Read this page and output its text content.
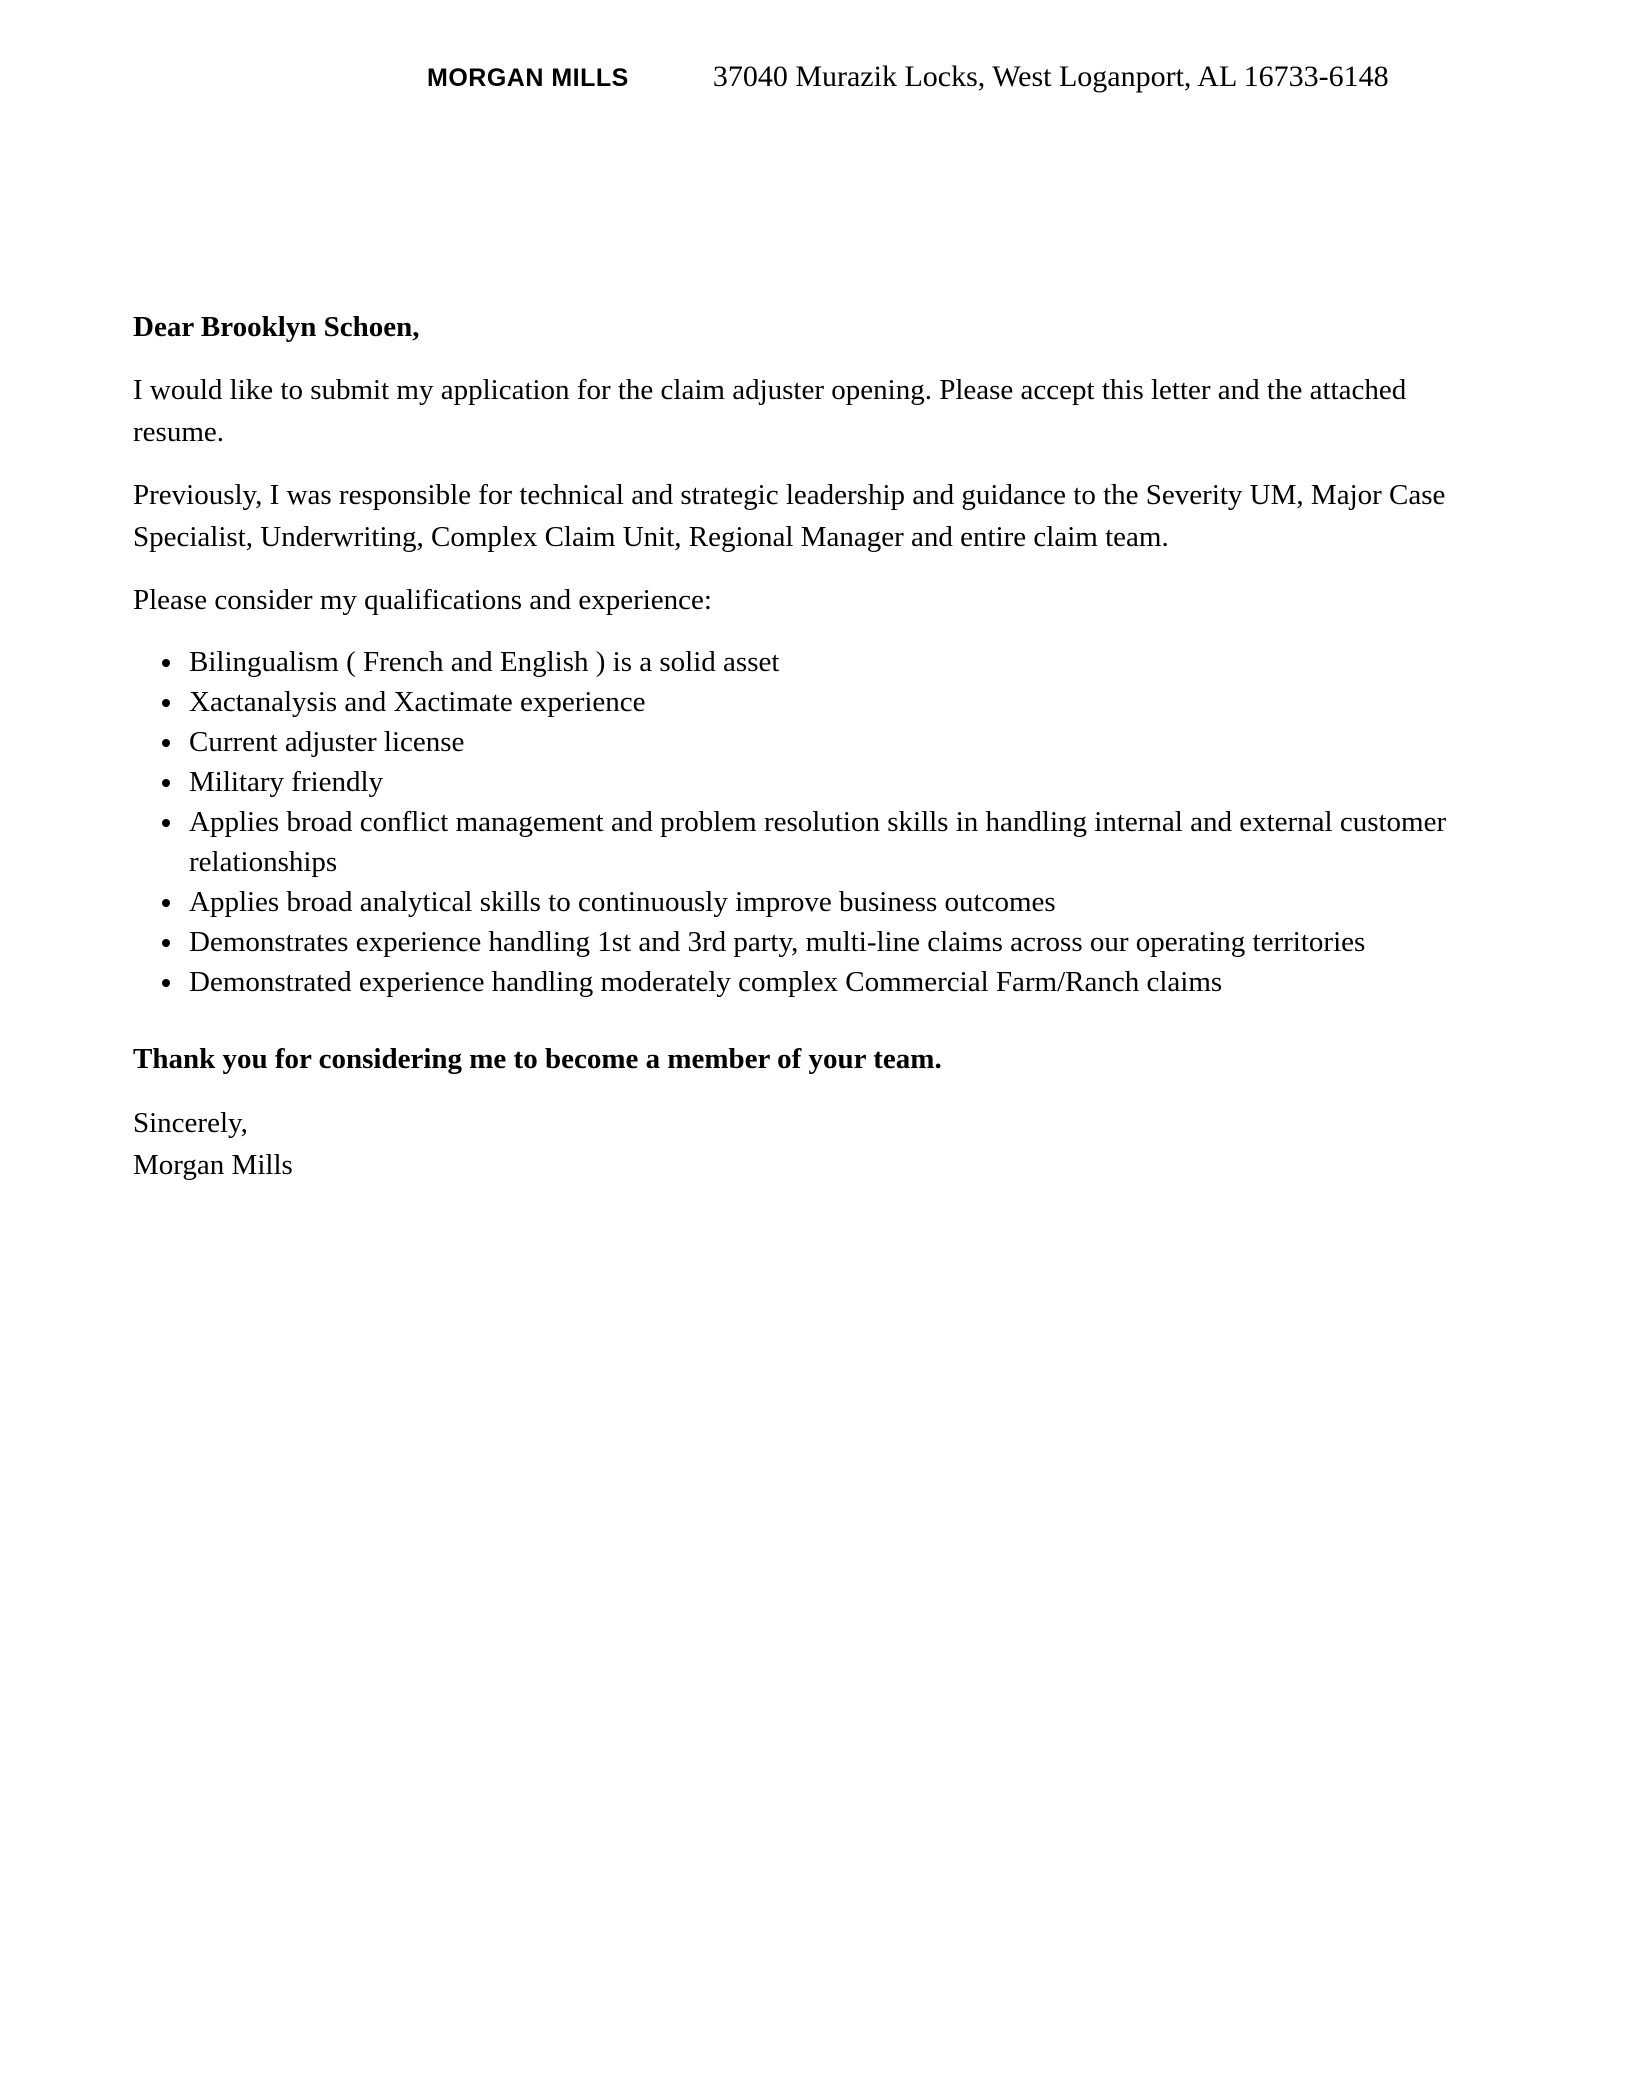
MORGAN MILLS	37040 Murazik Locks, West Loganport, AL 16733-6148

Dear Brooklyn Schoen,

I would like to submit my application for the claim adjuster opening. Please accept this letter and the attached resume.

Previously, I was responsible for technical and strategic leadership and guidance to the Severity UM, Major Case Specialist, Underwriting, Complex Claim Unit, Regional Manager and entire claim team.

Please consider my qualifications and experience:

• Bilingualism ( French and English ) is a solid asset
• Xactanalysis and Xactimate experience
• Current adjuster license
• Military friendly
• Applies broad conflict management and problem resolution skills in handling internal and external customer relationships
• Applies broad analytical skills to continuously improve business outcomes
• Demonstrates experience handling 1st and 3rd party, multi-line claims across our operating territories
• Demonstrated experience handling moderately complex Commercial Farm/Ranch claims

Thank you for considering me to become a member of your team.

Sincerely,
Morgan Mills
